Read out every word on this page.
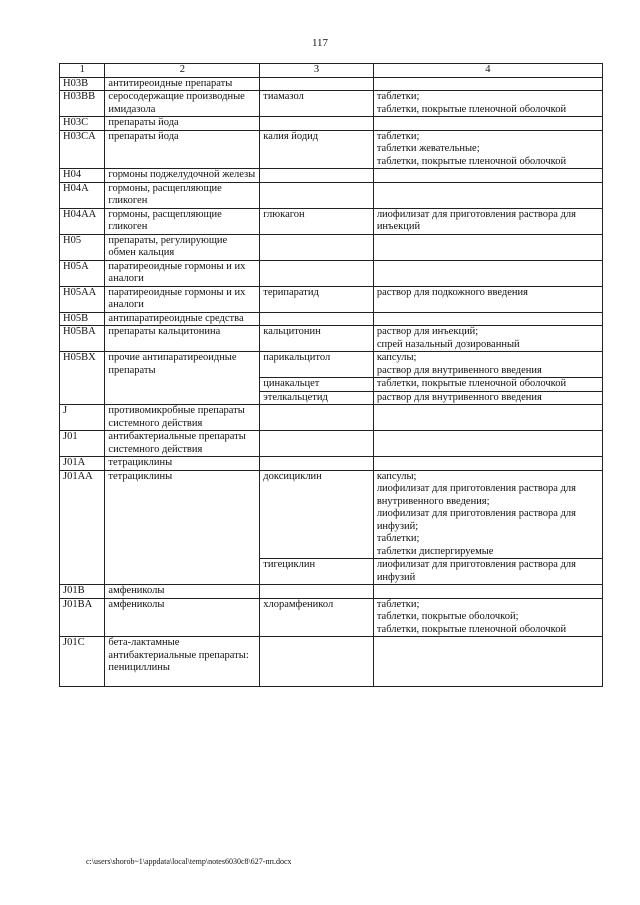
117
1	2	3	4
H03B	антитиреоидные препараты		
H03BB	серосодержащие производные имидазола	тиамазол	таблетки;
таблетки, покрытые пленочной оболочкой
H03C	препараты йода		
H03CA	препараты йода	калия йодид	таблетки;
таблетки жевательные;
таблетки, покрытые пленочной оболочкой
H04	гормоны поджелудочной железы		
H04A	гормоны, расщепляющие гликоген		
H04AA	гормоны, расщепляющие гликоген	глюкагон	лиофилизат для приготовления раствора для инъекций
H05	препараты, регулирующие обмен кальция		
H05A	паратиреоидные гормоны и их аналоги		
H05AA	паратиреоидные гормоны и их аналоги	терипаратид	раствор для подкожного введения
H05B	антипаратиреоидные средства		
H05BA	препараты кальцитонина	кальцитонин	раствор для инъекций;
спрей назальный дозированный
H05BX	прочие антипаратиреоидные препараты	парикальцитол	капсулы;
раствор для внутривенного введения
		цинакальцет	таблетки, покрытые пленочной оболочкой
		этелкальцетид	раствор для внутривенного введения
J	противомикробные препараты системного действия		
J01	антибактериальные препараты системного действия		
J01A	тетрациклины		
J01AA	тетрациклины	доксициклин	капсулы;
лиофилизат для приготовления раствора для внутривенного введения;
лиофилизат для приготовления раствора для инфузий;
таблетки;
таблетки диспергируемые
		тигециклин	лиофилизат для приготовления раствора для инфузий
J01B	амфениколы		
J01BA	амфениколы	хлорамфеникол	таблетки;
таблетки, покрытые оболочкой;
таблетки, покрытые пленочной оболочкой
J01C	бета-лактамные антибактериальные препараты: пенициллины		
c:\users\shorob~1\appdata\local\temp\notes6030c8\627-пп.docx
